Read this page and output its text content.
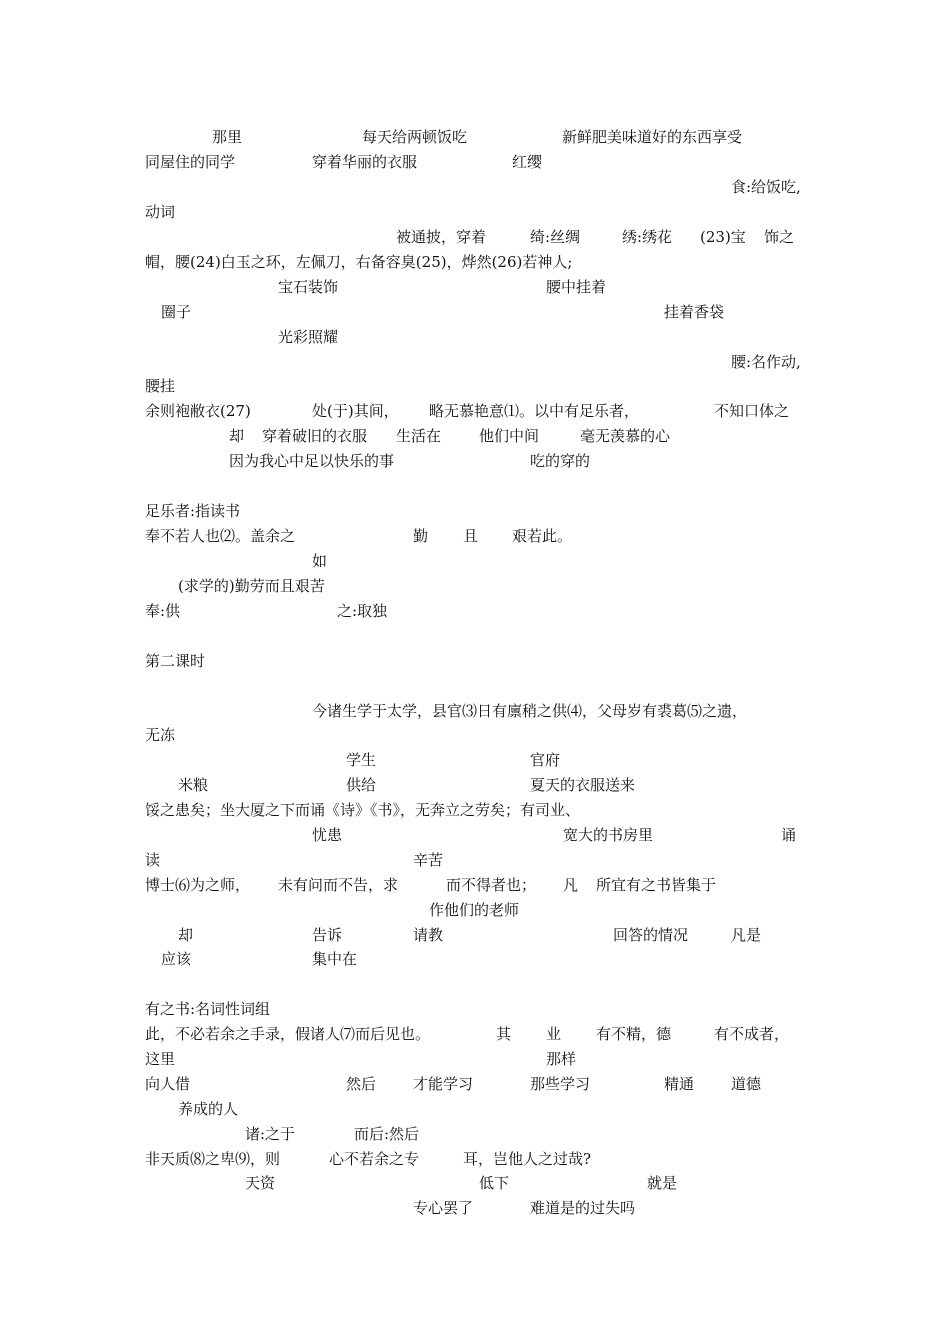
那里	每天给两顿饭吃	新鲜肥美味道好的东西享受
同屋住的同学	穿着华丽的衣服	红缨
食:给饭吃,
动词
被通披，穿着	绮:丝绸	绣:绣花 (23)宝 饰之
帽，腰(24)白玉之环，左佩刀，右备容臭(25)，烨然(26)若神人;
宝石装饰	腰中挂着
圈子	挂着香袋
光彩照耀
腰:名作动,
腰挂
余则袍敝衣(27)	处(于)其间， 略无慕艳意⑴。以中有足乐者，	不知口体之
却 穿着破旧的衣服 生活在	他们中间	毫无羡慕的心
因为我心中足以快乐的事	吃的穿的
足乐者:指读书
奉不若人也⑵。盖余之	勤 且 艰若此。
如
(求学的)勤劳而且艰苦
奉:供	之:取独
第二课时
今诸生学于太学，县官⑶日有廪稍之供⑷，父母岁有裘葛⑸之遗，
无冻
学生	官府
米粮	供给	夏天的衣服送来
馁之患矣；坐大厦之下而诵《诗》《书》，无奔立之劳矣；有司业、
忧患	宽大的书房里	诵
读	辛苦
博士⑹为之师， 未有问而不告，求	而不得者也； 凡 所宜有之书皆集于
作他们的老师
却	告诉	请教	回答的情况	凡是
应该	集中在
有之书:名词性词组
此，不必若余之手录，假诸人⑺而后见也。	其 业 有不精，德	有不成者，
这里	那样
向人借	然后 才能学习	那些学习	精通 道德
养成的人
诸:之于	而后:然后
非天质⑻之卑⑼，则	心不若余之专	耳，岂他人之过哉?
天资	低下	就是
专心罢了	难道是的过失吗
